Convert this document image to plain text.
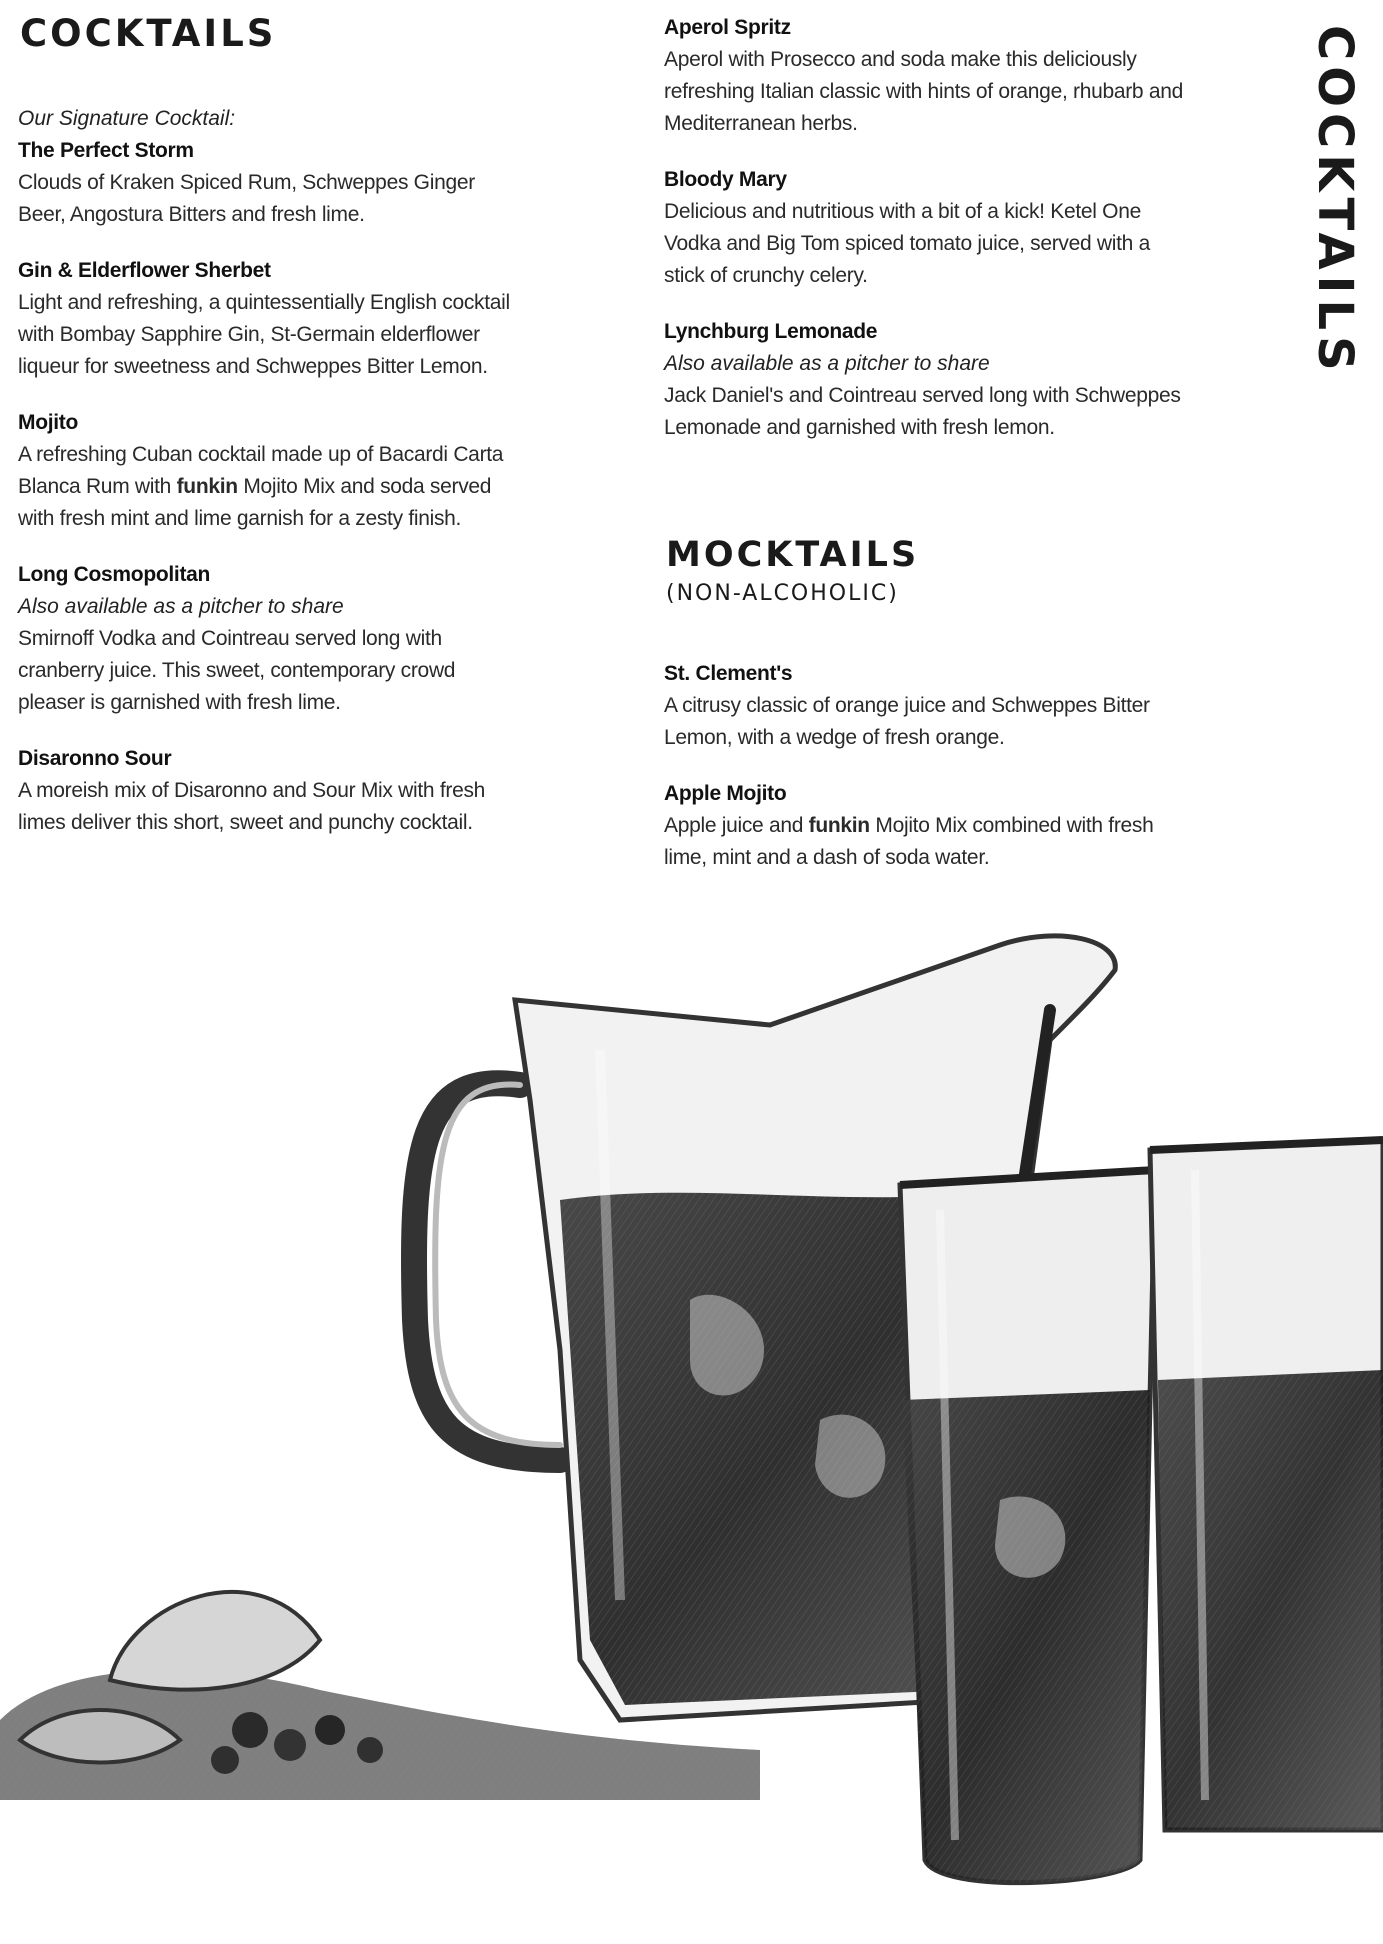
COCKTAILS	COCKTAILS
Our Signature Cocktail:
The Perfect Storm
Clouds of Kraken Spiced Rum, Schweppes Ginger Beer, Angostura Bitters and fresh lime.
Gin & Elderflower Sherbet
Light and refreshing, a quintessentially English cocktail with Bombay Sapphire Gin, St-Germain elderflower liqueur for sweetness and Schweppes Bitter Lemon.
Mojito
A refreshing Cuban cocktail made up of Bacardi Carta Blanca Rum with funkin Mojito Mix and soda served with fresh mint and lime garnish for a zesty finish.
Long Cosmopolitan
Also available as a pitcher to share
Smirnoff Vodka and Cointreau served long with cranberry juice. This sweet, contemporary crowd pleaser is garnished with fresh lime.
Disaronno Sour
A moreish mix of Disaronno and Sour Mix with fresh limes deliver this short, sweet and punchy cocktail.
Aperol Spritz
Aperol with Prosecco and soda make this deliciously refreshing Italian classic with hints of orange, rhubarb and Mediterranean herbs.
Bloody Mary
Delicious and nutritious with a bit of a kick! Ketel One Vodka and Big Tom spiced tomato juice, served with a stick of crunchy celery.
Lynchburg Lemonade
Also available as a pitcher to share
Jack Daniel's and Cointreau served long with Schweppes Lemonade and garnished with fresh lemon.
MOCKTAILS
(NON-ALCOHOLIC)
St. Clement's
A citrusy classic of orange juice and Schweppes Bitter Lemon, with a wedge of fresh orange.
Apple Mojito
Apple juice and funkin Mojito Mix combined with fresh lime, mint and a dash of soda water.
